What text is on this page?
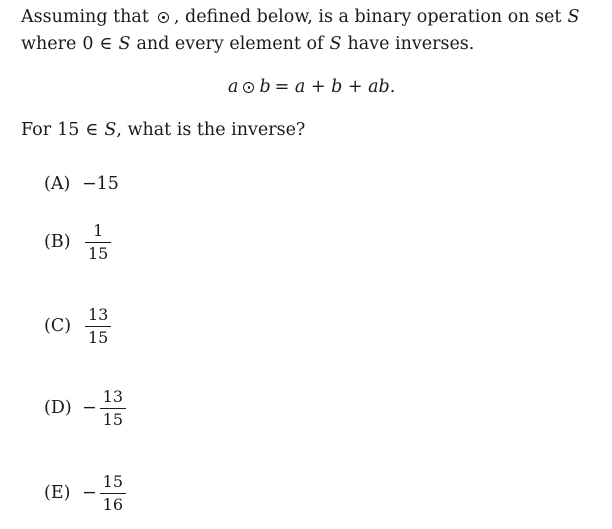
Assuming that , defined below, is a binary operation on set S
where 0 ∈ S and every element of S have inverses.
a b = a + b + ab.
For 15 ∈ S, what is the inverse?
(A) −15
$(B) \frac{1}{15}$
$(C) \frac{13}{15}$
$(D) - \frac{13}{15}$
$(E) - \frac{15}{16}$
